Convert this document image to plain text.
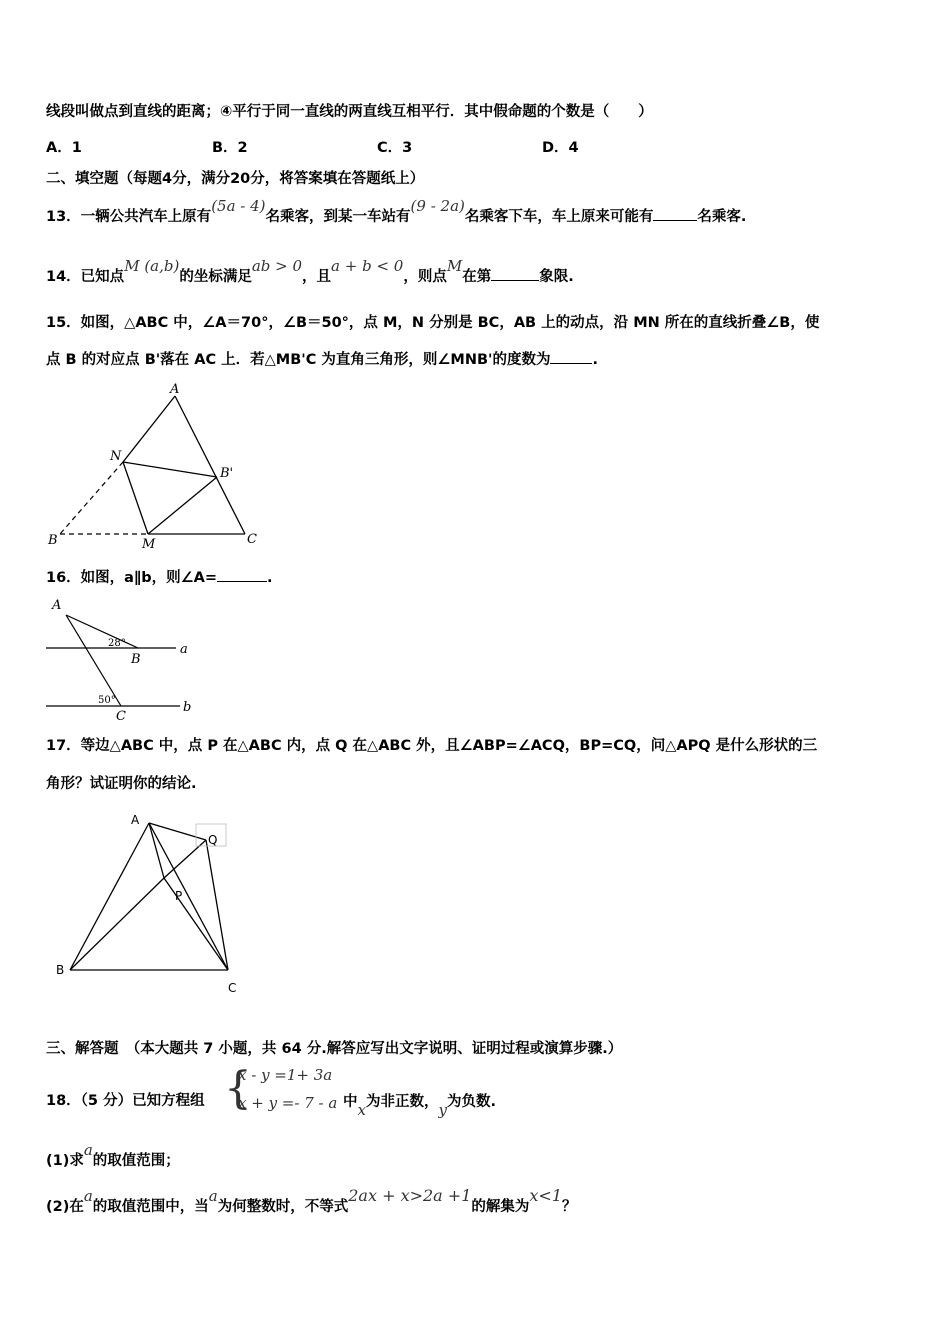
线段叫做点到直线的距离；④平行于同一直线的两直线互相平行．其中假命题的个数是（　　）
A．1	B．2	C．3	D．4
二、填空题（每题4分，满分20分，将答案填在答题纸上）
13．一辆公共汽车上原有(5a - 4)名乘客，到某一车站有(9 - 2a)名乘客下车，车上原来可能有	名乘客.
14．已知点M (a,b)的坐标满足ab > 0，且a + b < 0，则点M在第	象限.
15．如图，△ABC 中，∠A＝70°，∠B＝50°，点 M，N 分别是 BC，AB 上的动点，沿 MN 所在的直线折叠∠B，使
点 B 的对应点 B'落在 AC 上．若△MB'C 为直角三角形，则∠MNB'的度数为	.
A
N
B'
B	M	C
16．如图，a∥b，则∠A=	.
A
B
C
a
b
28°
50°
17．等边△ABC 中，点 P 在△ABC 内，点 Q 在△ABC 外，且∠ABP=∠ACQ，BP=CQ，问△APQ 是什么形状的三
角形？试证明你的结论.
A
Q
P
B
C
三、解答题　（本大题共 7 小题，共 64 分.解答应写出文字说明、证明过程或演算步骤.）
18．（5 分）已知方程组 {
x - y =1+ 3a
x + y =- 7 - a 中x为非正数，y为负数.
(1)求a的取值范围；
(2)在a的取值范围中，当a为何整数时，不等式2ax + x>2a +1的解集为x<1？
